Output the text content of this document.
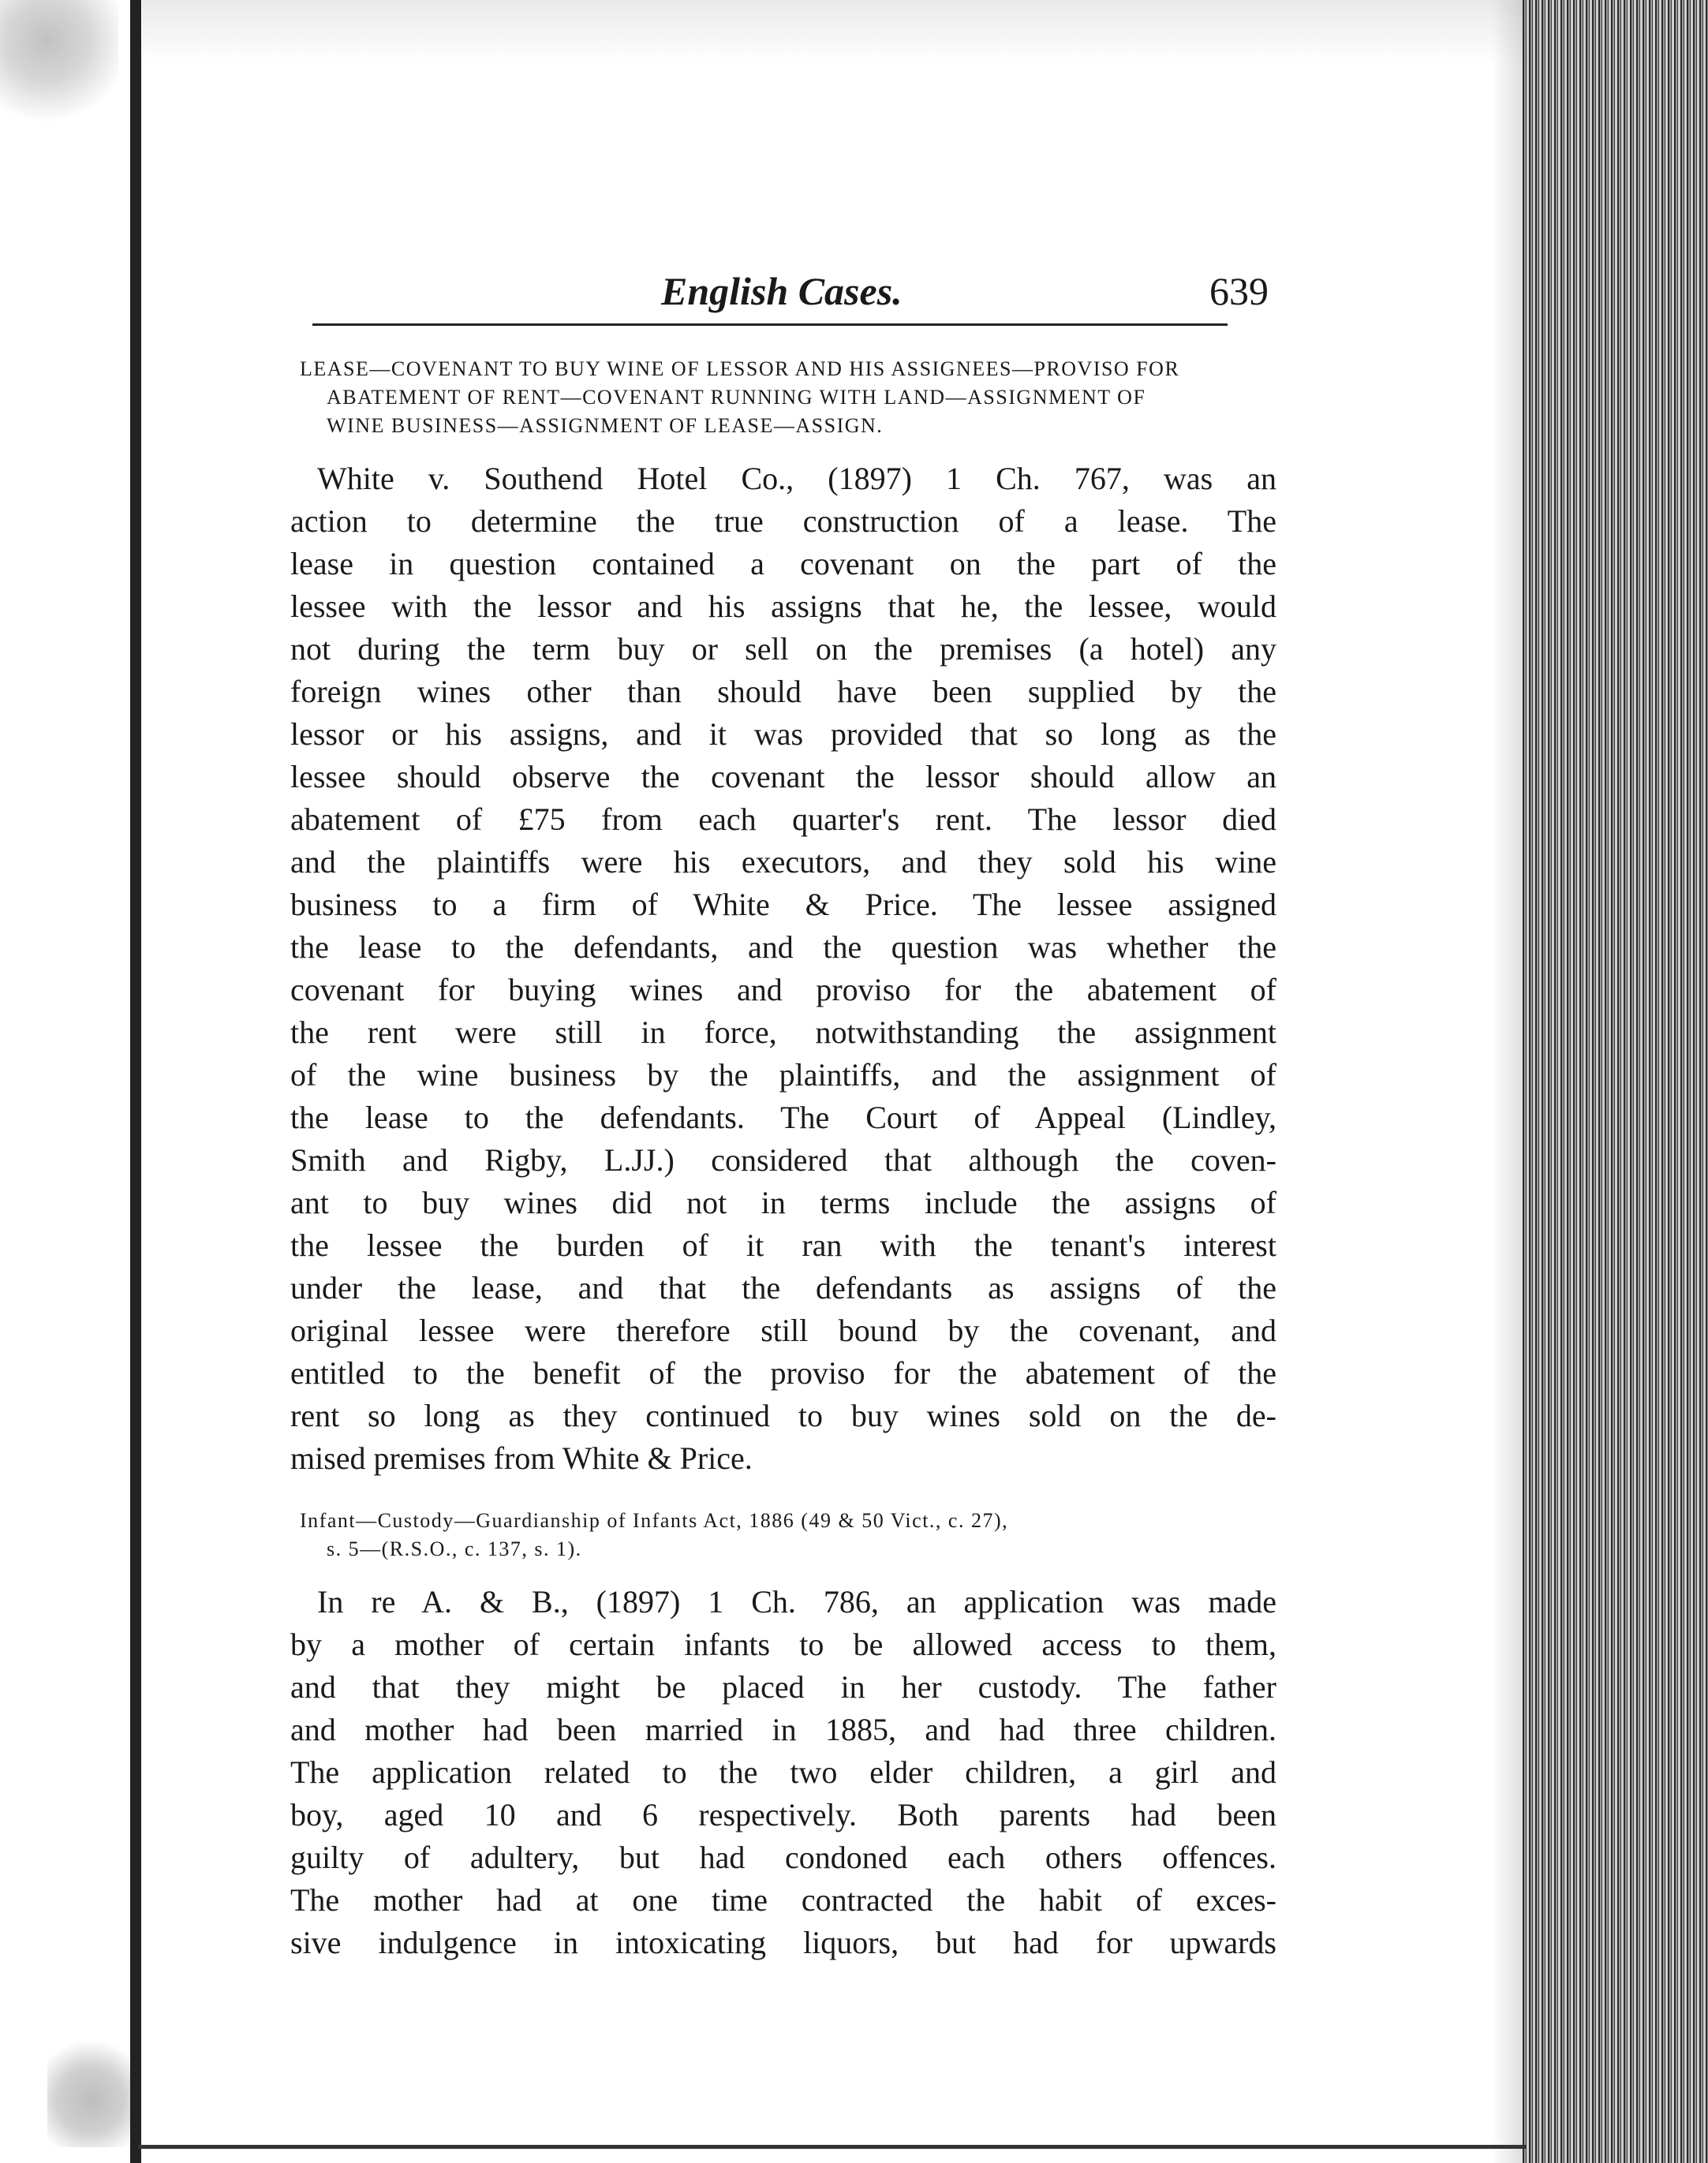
English Cases.	639
LEASE—COVENANT TO BUY WINE OF LESSOR AND HIS ASSIGNEES—PROVISO FOR
ABATEMENT OF RENT—COVENANT RUNNING WITH LAND—ASSIGNMENT OF
WINE BUSINESS—ASSIGNMENT OF LEASE—ASSIGN.
White v. Southend Hotel Co., (1897) 1 Ch. 767, was an
action to determine the true construction of a lease. The
lease in question contained a covenant on the part of the
lessee with the lessor and his assigns that he, the lessee, would
not during the term buy or sell on the premises (a hotel) any
foreign wines other than should have been supplied by the
lessor or his assigns, and it was provided that so long as the
lessee should observe the covenant the lessor should allow an
abatement of £75 from each quarter's rent. The lessor died
and the plaintiffs were his executors, and they sold his wine
business to a firm of White & Price. The lessee assigned
the lease to the defendants, and the question was whether the
covenant for buying wines and proviso for the abatement of
the rent were still in force, notwithstanding the assignment
of the wine business by the plaintiffs, and the assignment of
the lease to the defendants. The Court of Appeal (Lindley,
Smith and Rigby, L.JJ.) considered that although the coven-
ant to buy wines did not in terms include the assigns of
the lessee the burden of it ran with the tenant's interest
under the lease, and that the defendants as assigns of the
original lessee were therefore still bound by the covenant, and
entitled to the benefit of the proviso for the abatement of the
rent so long as they continued to buy wines sold on the de-
mised premises from White & Price.
Infant—Custody—Guardianship of Infants Act, 1886 (49 & 50 Vict., c. 27),
s. 5—(R.S.O., c. 137, s. 1).
In re A. & B., (1897) 1 Ch. 786, an application was made
by a mother of certain infants to be allowed access to them,
and that they might be placed in her custody. The father
and mother had been married in 1885, and had three children.
The application related to the two elder children, a girl and
boy, aged 10 and 6 respectively. Both parents had been
guilty of adultery, but had condoned each others offences.
The mother had at one time contracted the habit of exces-
sive indulgence in intoxicating liquors, but had for upwards
